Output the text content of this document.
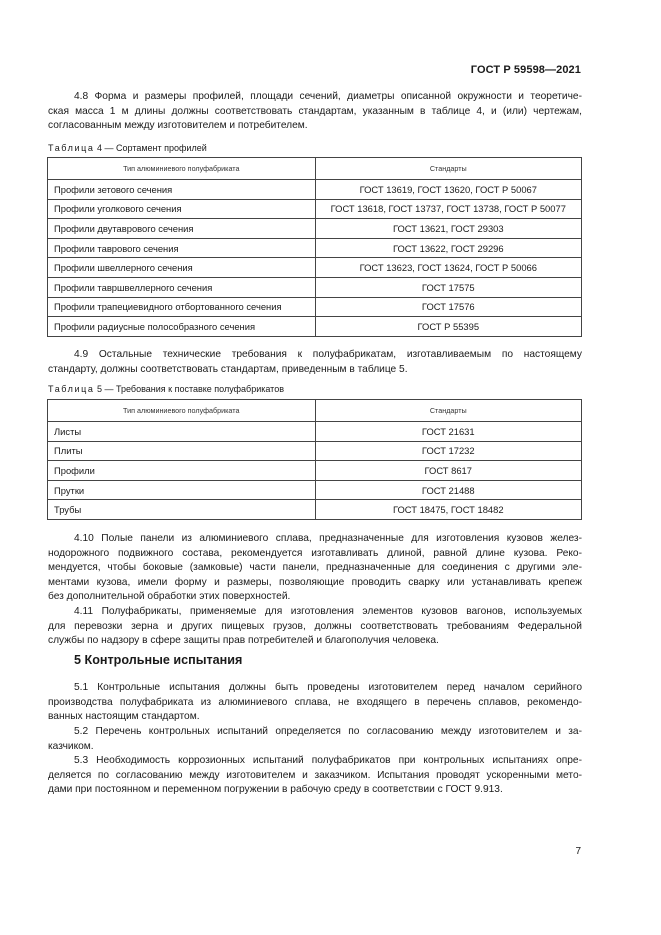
ГОСТ Р 59598—2021

4.8 Форма и размеры профилей, площади сечений, диаметры описанной окружности и теоретиче-
ская масса 1 м длины должны соответствовать стандартам, указанным в таблице 4, и (или) чертежам,
согласованным между изготовителем и потребителем.

Таблица 4 — Сортамент профилей
Тип алюминиевого полуфабриката	Стандарты
Профили зетового сечения	ГОСТ 13619, ГОСТ 13620, ГОСТ Р 50067
Профили уголкового сечения	ГОСТ 13618, ГОСТ 13737, ГОСТ 13738, ГОСТ Р 50077
Профили двутаврового сечения	ГОСТ 13621, ГОСТ 29303
Профили таврового сечения	ГОСТ 13622, ГОСТ 29296
Профили швеллерного сечения	ГОСТ 13623, ГОСТ 13624, ГОСТ Р 50066
Профили тавршвеллерного сечения	ГОСТ 17575
Профили трапециевидного отбортованного сечения	ГОСТ 17576
Профили радиусные полособразного сечения	ГОСТ Р 55395

4.9 Остальные технические требования к полуфабрикатам, изготавливаемым по настоящему
стандарту, должны соответствовать стандартам, приведенным в таблице 5.

Таблица 5 — Требования к поставке полуфабрикатов
Тип алюминиевого полуфабриката	Стандарты
Листы	ГОСТ 21631
Плиты	ГОСТ 17232
Профили	ГОСТ 8617
Прутки	ГОСТ 21488
Трубы	ГОСТ 18475, ГОСТ 18482

4.10 Полые панели из алюминиевого сплава, предназначенные для изготовления кузовов желез-
нодорожного подвижного состава, рекомендуется изготавливать длиной, равной длине кузова. Реко-
мендуется, чтобы боковые (замковые) части панели, предназначенные для соединения с другими эле-
ментами кузова, имели форму и размеры, позволяющие проводить сварку или устанавливать крепеж
без дополнительной обработки этих поверхностей.

4.11 Полуфабрикаты, применяемые для изготовления элементов кузовов вагонов, используемых
для перевозки зерна и других пищевых грузов, должны соответствовать требованиям Федеральной
службы по надзору в сфере защиты прав потребителей и благополучия человека.

5 Контрольные испытания

5.1 Контрольные испытания должны быть проведены изготовителем перед началом серийного
производства полуфабриката из алюминиевого сплава, не входящего в перечень сплавов, рекомендо-
ванных настоящим стандартом.

5.2 Перечень контрольных испытаний определяется по согласованию между изготовителем и за-
казчиком.

5.3 Необходимость коррозионных испытаний полуфабрикатов при контрольных испытаниях опре-
деляется по согласованию между изготовителем и заказчиком. Испытания проводят ускоренными мето-
дами при постоянном и переменном погружении в рабочую среду в соответствии с ГОСТ 9.913.

7
